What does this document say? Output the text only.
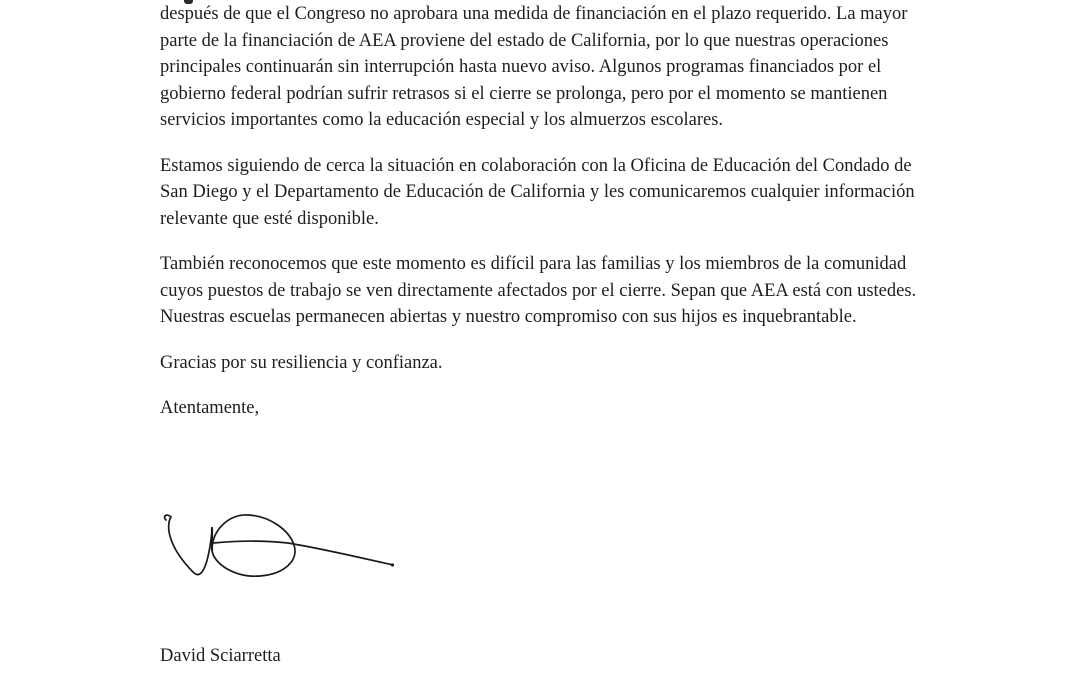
después de que el Congreso no aprobara una medida de financiación en el plazo requerido. La mayor parte de la financiación de AEA proviene del estado de California, por lo que nuestras operaciones principales continuarán sin interrupción hasta nuevo aviso. Algunos programas financiados por el gobierno federal podrían sufrir retrasos si el cierre se prolonga, pero por el momento se mantienen servicios importantes como la educación especial y los almuerzos escolares.

Estamos siguiendo de cerca la situación en colaboración con la Oficina de Educación del Condado de San Diego y el Departamento de Educación de California y les comunicaremos cualquier información relevante que esté disponible.

También reconocemos que este momento es difícil para las familias y los miembros de la comunidad cuyos puestos de trabajo se ven directamente afectados por el cierre. Sepan que AEA está con ustedes. Nuestras escuelas permanecen abiertas y nuestro compromiso con sus hijos es inquebrantable.

Gracias por su resiliencia y confianza.

Atentamente,

David Sciarretta
